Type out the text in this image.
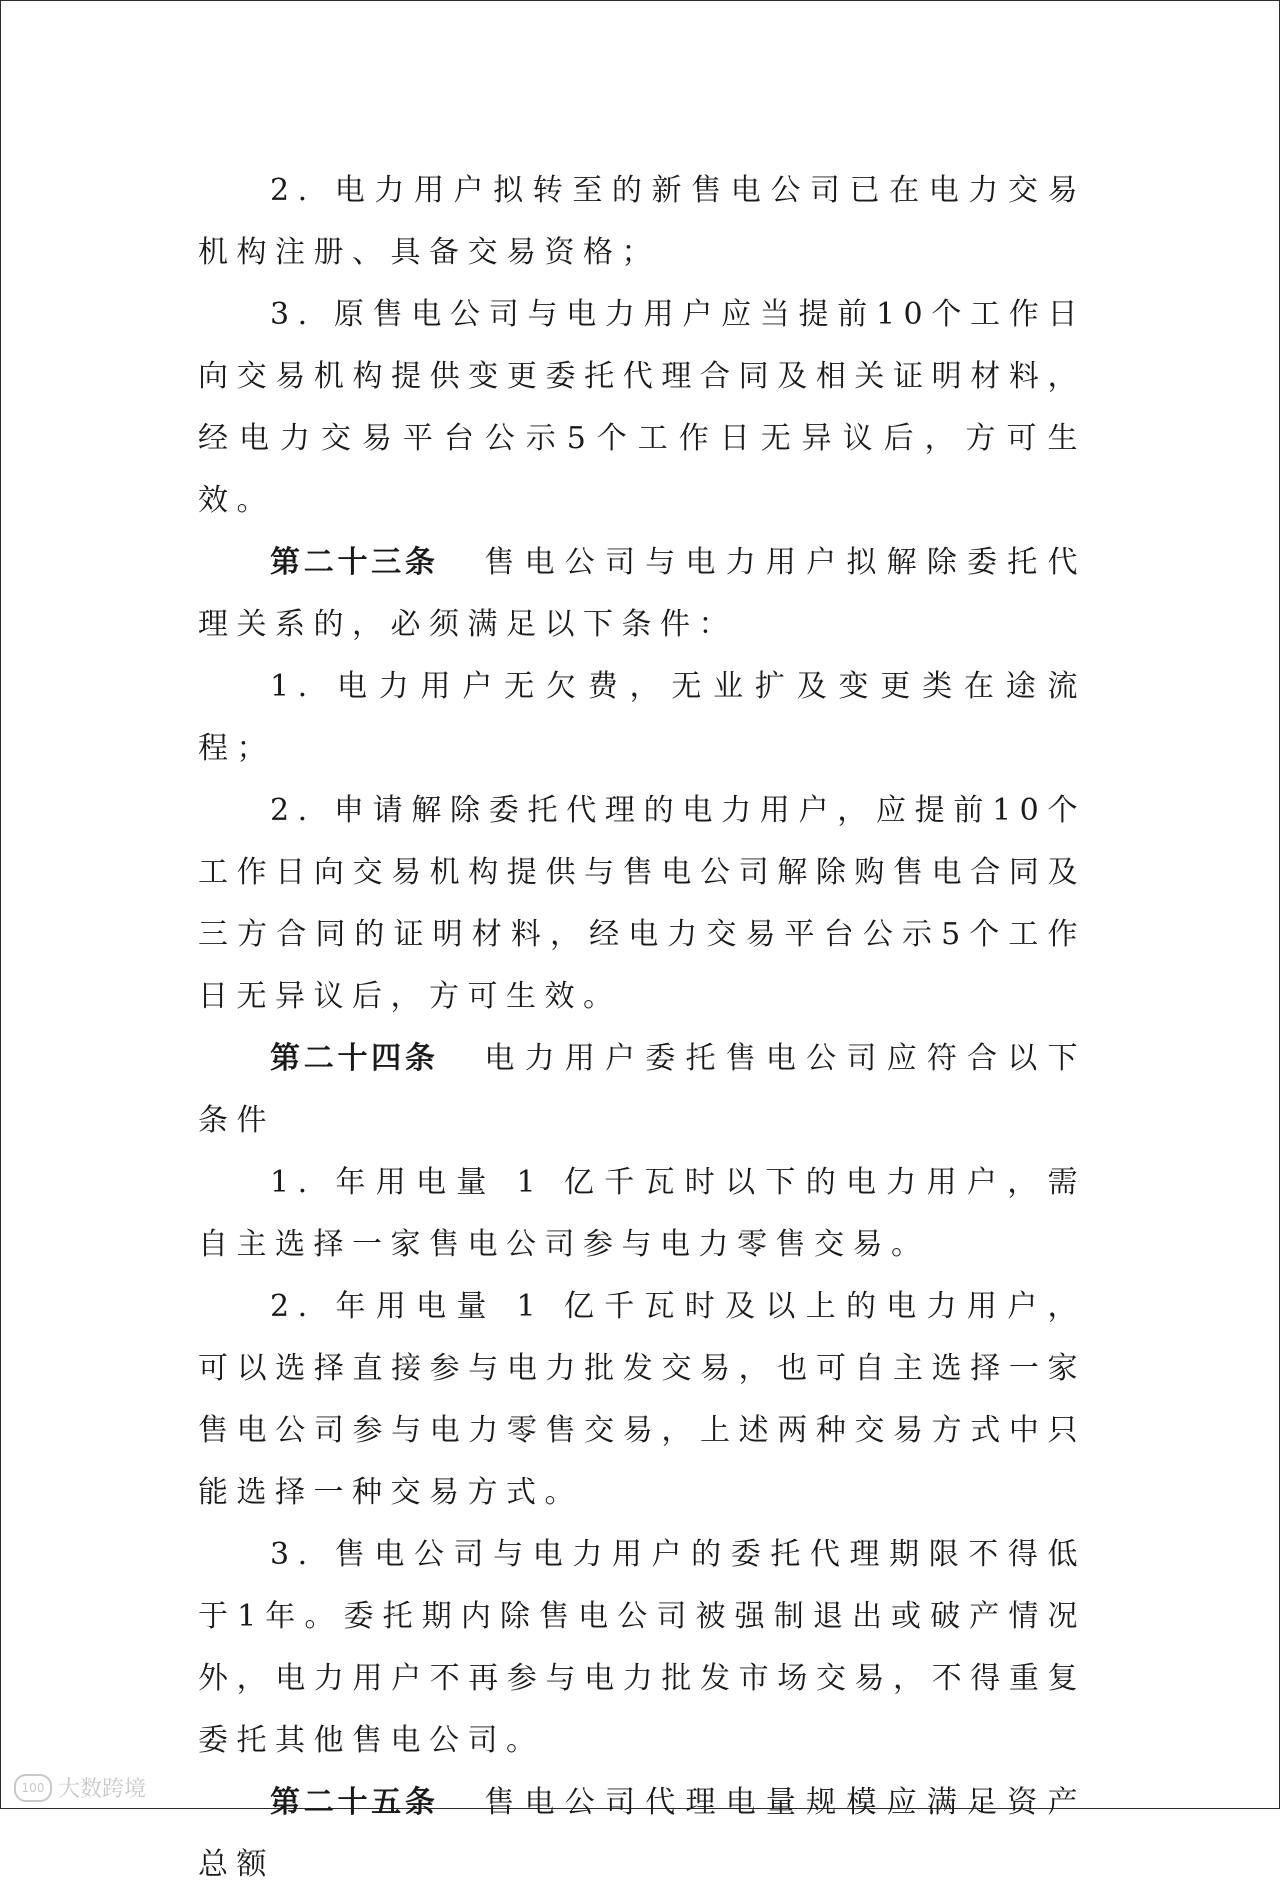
2. 电力用户拟转至的新售电公司已在电力交易机构注册、具备交易资格；

3. 原售电公司与电力用户应当提前10个工作日向交易机构提供变更委托代理合同及相关证明材料，经电力交易平台公示5个工作日无异议后，方可生效。

第二十三条 售电公司与电力用户拟解除委托代理关系的，必须满足以下条件：

1. 电力用户无欠费，无业扩及变更类在途流程；

2. 申请解除委托代理的电力用户，应提前10个工作日向交易机构提供与售电公司解除购售电合同及三方合同的证明材料，经电力交易平台公示5个工作日无异议后，方可生效。

第二十四条 电力用户委托售电公司应符合以下条件

1. 年用电量 1 亿千瓦时以下的电力用户，需自主选择一家售电公司参与电力零售交易。

2. 年用电量 1 亿千瓦时及以上的电力用户，可以选择直接参与电力批发交易，也可自主选择一家售电公司参与电力零售交易，上述两种交易方式中只能选择一种交易方式。

3. 售电公司与电力用户的委托代理期限不得低于1年。委托期内除售电公司被强制退出或破产情况外，电力用户不再参与电力批发市场交易，不得重复委托其他售电公司。

第二十五条 售电公司代理电量规模应满足资产总额

100 大数跨境
